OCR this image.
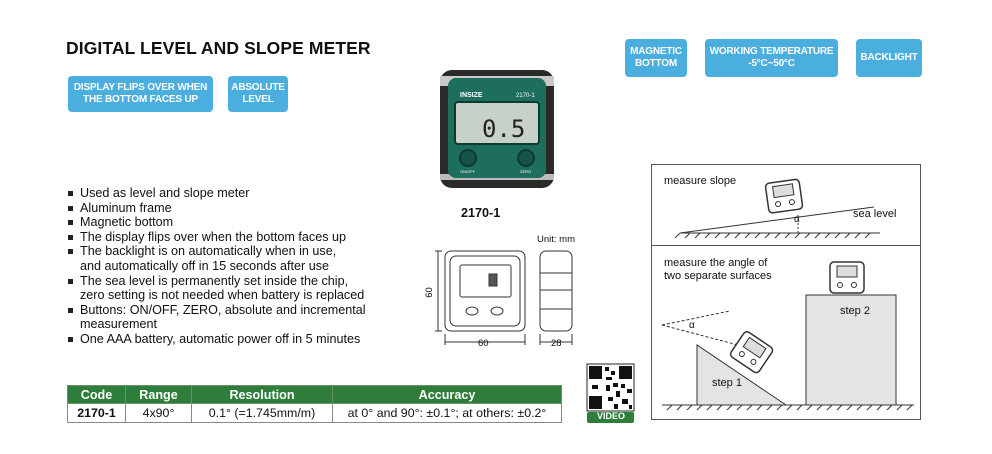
DIGITAL LEVEL AND SLOPE METER
DISPLAY FLIPS OVER WHEN THE BOTTOM FACES UP
ABSOLUTE LEVEL
MAGNETIC BOTTOM
WORKING TEMPERATURE -5°C~50°C
BACKLIGHT
INSIZE	2170-1
0.5
ON/OFF	ZERO
2170-1
Used as level and slope meter
Aluminum frame
Magnetic bottom
The display flips over when the bottom faces up
The backlight is on automatically when in use,
and automatically off in 15 seconds after use
The sea level is permanently set inside the chip,
zero setting is not needed when battery is replaced
Buttons: ON/OFF, ZERO, absolute and incremental
measurement
One AAA battery, automatic power off in 5 minutes
Unit: mm
60	28
60
VIDEO
measure slope
sea level
α
measure the angle of
two separate surfaces
α
step 1
step 2
Code	Range	Resolution	Accuracy
2170-1	4x90°	0.1° (=1.745mm/m)	at 0° and 90°: ±0.1°; at others: ±0.2°
